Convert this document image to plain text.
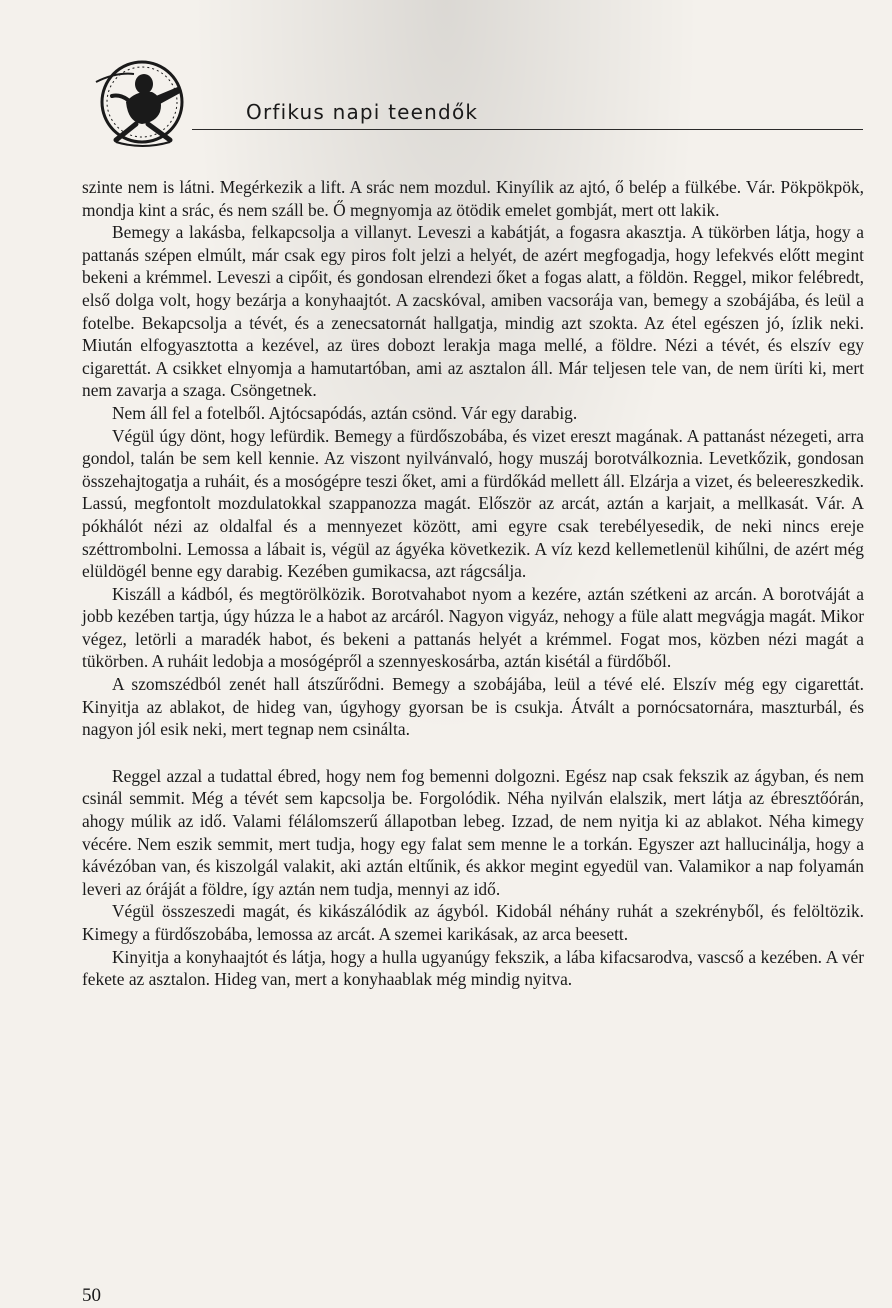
Orfikus napi teendők

szinte nem is látni. Megérkezik a lift. A srác nem mozdul. Kinyílik az ajtó, ő belép a fülkébe. Vár. Pökpökpök, mondja kint a srác, és nem száll be. Ő megnyomja az ötödik emelet gombját, mert ott lakik.

Bemegy a lakásba, felkapcsolja a villanyt. Leveszi a kabátját, a fogasra akasztja. A tükörben látja, hogy a pattanás szépen elmúlt, már csak egy piros folt jelzi a helyét, de azért megfogadja, hogy lefekvés előtt megint bekeni a krémmel. Leveszi a cipőit, és gondosan elrendezi őket a fogas alatt, a földön. Reggel, mikor felébredt, első dolga volt, hogy bezárja a konyhaajtót. A zacskóval, amiben vacsorája van, bemegy a szobájába, és leül a fotelbe. Bekapcsolja a tévét, és a zenecsatornát hallgatja, mindig azt szokta. Az étel egészen jó, ízlik neki. Miután elfogyasztotta a kezével, az üres dobozt lerakja maga mellé, a földre. Nézi a tévét, és elszív egy cigarettát. A csikket elnyomja a hamutartóban, ami az asztalon áll. Már teljesen tele van, de nem üríti ki, mert nem zavarja a szaga. Csöngetnek.

Nem áll fel a fotelből. Ajtócsapódás, aztán csönd. Vár egy darabig.

Végül úgy dönt, hogy lefürdik. Bemegy a fürdőszobába, és vizet ereszt magának. A pattanást nézegeti, arra gondol, talán be sem kell kennie. Az viszont nyilvánvaló, hogy muszáj borotválkoznia. Levetkőzik, gondosan összehajtogatja a ruháit, és a mosógépre teszi őket, ami a fürdőkád mellett áll. Elzárja a vizet, és beleereszkedik. Lassú, megfontolt mozdulatokkal szappanozza magát. Először az arcát, aztán a karjait, a mellkasát. Vár. A pókhálót nézi az oldalfal és a mennyezet között, ami egyre csak terebélyesedik, de neki nincs ereje széttrombolni. Lemossa a lábait is, végül az ágyéka következik. A víz kezd kellemetlenül kihűlni, de azért még elüldögél benne egy darabig. Kezében gumikacsa, azt rágcsálja.

Kiszáll a kádból, és megtörölközik. Borotvahabot nyom a kezére, aztán szétkeni az arcán. A borotváját a jobb kezében tartja, úgy húzza le a habot az arcáról. Nagyon vigyáz, nehogy a füle alatt megvágja magát. Mikor végez, letörli a maradék habot, és bekeni a pattanás helyét a krémmel. Fogat mos, közben nézi magát a tükörben. A ruháit ledobja a mosógépről a szennyeskosárba, aztán kisétál a fürdőből.

A szomszédból zenét hall átszűrődni. Bemegy a szobájába, leül a tévé elé. Elszív még egy cigarettát. Kinyitja az ablakot, de hideg van, úgyhogy gyorsan be is csukja. Átvált a pornócsatornára, maszturbál, és nagyon jól esik neki, mert tegnap nem csinálta.

Reggel azzal a tudattal ébred, hogy nem fog bemenni dolgozni. Egész nap csak fekszik az ágyban, és nem csinál semmit. Még a tévét sem kapcsolja be. Forgolódik. Néha nyilván elalszik, mert látja az ébresztőórán, ahogy múlik az idő. Valami félálomszerű állapotban lebeg. Izzad, de nem nyitja ki az ablakot. Néha kimegy vécére. Nem eszik semmit, mert tudja, hogy egy falat sem menne le a torkán. Egyszer azt hallucinálja, hogy a kávézóban van, és kiszolgál valakit, aki aztán eltűnik, és akkor megint egyedül van. Valamikor a nap folyamán leveri az óráját a földre, így aztán nem tudja, mennyi az idő.

Végül összeszedi magát, és kikászálódik az ágyból. Kidobál néhány ruhát a szekrényből, és felöltözik. Kimegy a fürdőszobába, lemossa az arcát. A szemei karikásak, az arca beesett.

Kinyitja a konyhaajtót és látja, hogy a hulla ugyanúgy fekszik, a lába kifacsarodva, vascső a kezében. A vér fekete az asztalon. Hideg van, mert a konyhaablak még mindig nyitva.

50
